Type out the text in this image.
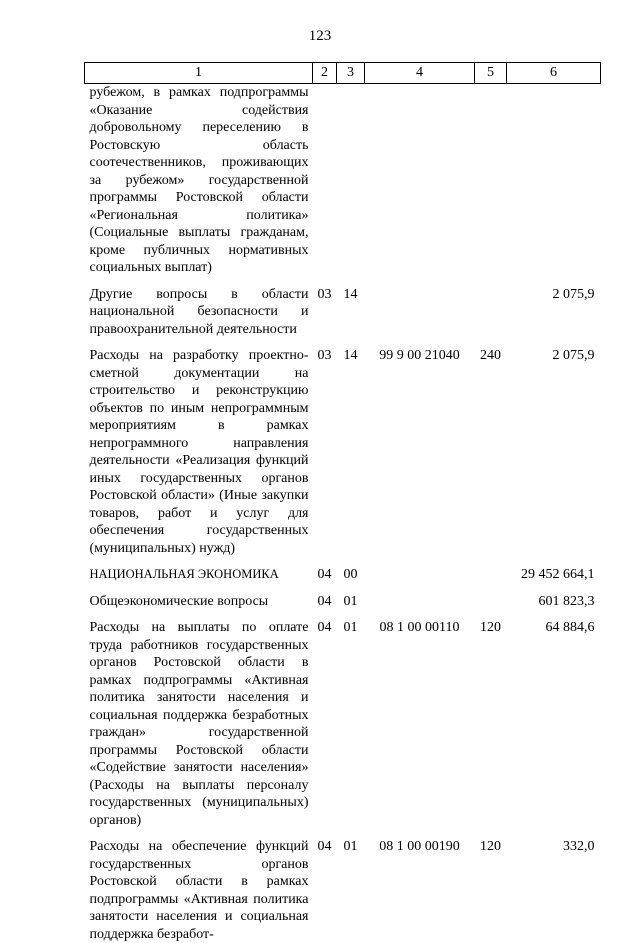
123
1	2	3	4	5	6
рубежом, в рамках подпрограммы «Оказание содействия добровольному переселению в Ростовскую область соотечественников, проживающих за рубежом» государственной программы Ростовской области «Региональная политика» (Социальные выплаты гражданам, кроме публичных нормативных социальных выплат)					
Другие вопросы в области национальной безопасности и правоохранительной деятельности	03	14			2 075,9
Расходы на разработку проектно-сметной документации на строительство и реконструкцию объектов по иным непрограммным мероприятиям в рамках непрограммного направления деятельности «Реализация функций иных государственных органов Ростовской области» (Иные закупки товаров, работ и услуг для обеспечения государственных (муниципальных) нужд)	03	14	99 9 00 21040	240	2 075,9
НАЦИОНАЛЬНАЯ ЭКОНОМИКА	04	00			29 452 664,1
Общеэкономические вопросы	04	01			601 823,3
Расходы на выплаты по оплате труда работников государственных органов Ростовской области в рамках подпрограммы «Активная политика занятости населения и социальная поддержка безработных граждан» государственной программы Ростовской области «Содействие занятости населения» (Расходы на выплаты персоналу государственных (муниципальных) органов)	04	01	08 1 00 00110	120	64 884,6
Расходы на обеспечение функций государственных органов Ростовской области в рамках подпрограммы «Активная политика занятости населения и социальная поддержка безработ-	04	01	08 1 00 00190	120	332,0
